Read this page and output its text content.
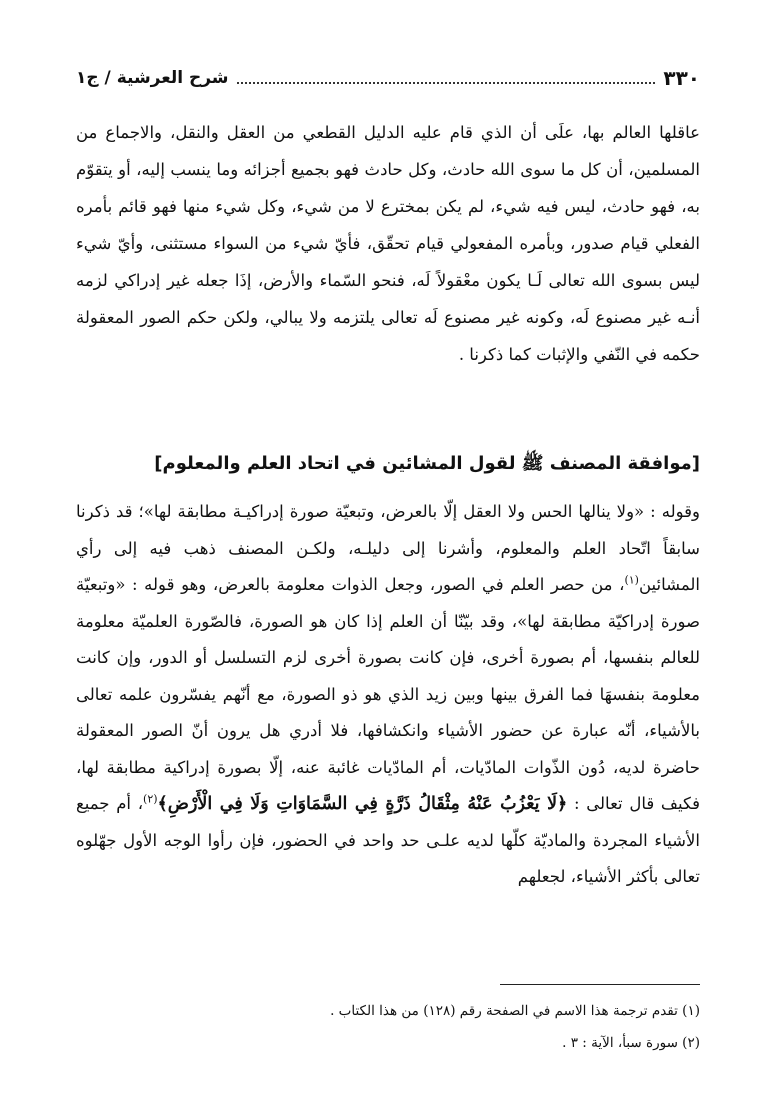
٣٣٠
شرح العرشية / ج١

عاقلها العالم بها، علَى أن الذي قام عليه الدليل القطعي من العقل والنقل، والاجماع من المسلمين، أن كل ما سوى الله حادث، وكل حادث فهو بجميع أجزائه وما ينسب إليه، أو يتقوّم به، فهو حادث، ليس فيه شيء، لم يكن بمخترع لا من شيء، وكل شيء منها فهو قائم بأمره الفعلي قيام صدور، وبأمره المفعولي قيام تحقّق، فأيّ شيء من السواء مستثنى، وأيّ شيء ليس بسوى الله تعالى لَـا يكون معْقولاً لَه، فنحو السّماء والأرض، إذَا جعله غير إدراكي لزمه أنـه غير مصنوع لَه، وكونه غير مصنوع لَه تعالى يلتزمه ولا يبالي، ولكن حكم الصور المعقولة حكمه في النّفي والإثبات كما ذكرنا .

[موافقة المصنف ﷺ لقول المشائين في اتحاد العلم والمعلوم]

وقوله : «ولا ينالها الحس ولا العقل إلّا بالعرض، وتبعيّة صورة إدراكيـة مطابقة لها»؛ قد ذكرنا سابقاً اتّحاد العلم والمعلوم، وأشرنا إلى دليلـه، ولكـن المصنف ذهب فيه إلى رأي المشائين$^{(١)}$، من حصر العلم في الصور، وجعل الذوات معلومة بالعرض، وهو قوله : «وتبعيّة صورة إدراكيّة مطابقة لها»، وقد بيّنّا أن العلم إذا كان هو الصورة، فالصّورة العلميّة معلومة للعالم بنفسها، أم بصورة أخرى، فإن كانت بصورة أخرى لزم التسلسل أو الدور، وإن كانت معلومة بنفسهَا فما الفرق بينها وبين زيد الذي هو ذو الصورة، مع أنّهم يفسّرون علمه تعالى بالأشياء، أنّه عبارة عن حضور الأشياء وانكشافها، فلا أدري هل يرون أنّ الصور المعقولة حاضرة لديه، دُون الذّوات المادّيات، أم المادّيات غائبة عنه، إلّا بصورة إدراكية مطابقة لها، فكيف قال تعالى : ﴿لَا يَعْزُبُ عَنْهُ مِثْقَالُ ذَرَّةٍ فِي السَّمَاوَاتِ وَلَا فِي الْأَرْضِ﴾$^{(٢)}$، أم جميع الأشياء المجردة والماديّة كلّها لديه علـى حد واحد في الحضور، فإن رأوا الوجه الأول جهّلوه تعالى بأكثر الأشياء، لجعلهم

(١) تقدم ترجمة هذا الاسم في الصفحة رقم (١٢٨) من هذا الكتاب .

(٢) سورة سبأ، الآية : ٣ .
